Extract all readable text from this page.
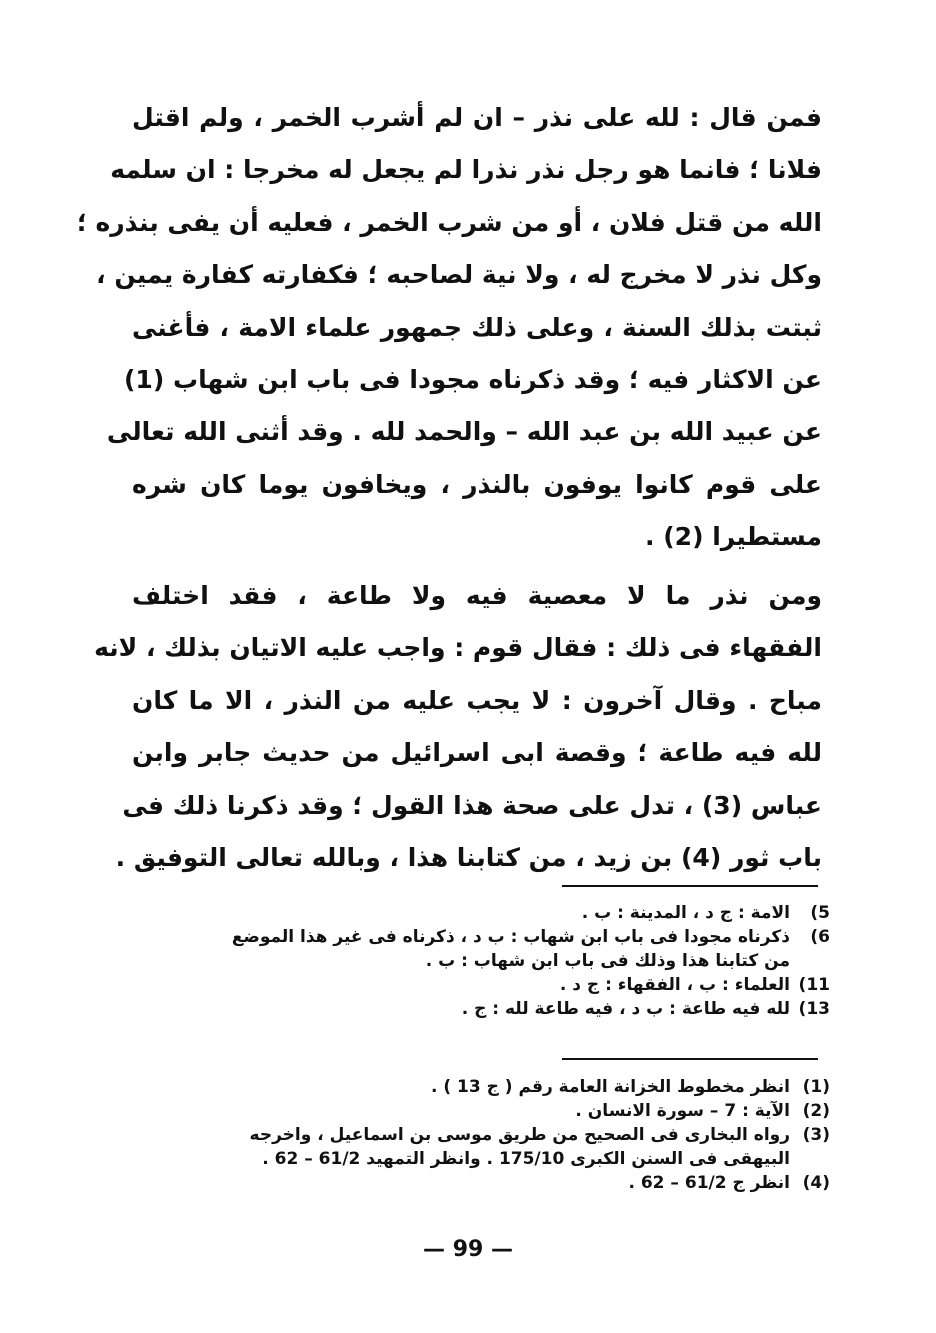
فمن قال : لله على نذر – ان لم أشرب الخمر ، ولم اقتل
فلانا ؛ فانما هو رجل نذر نذرا لم يجعل له مخرجا : ان سلمه
الله من قتل فلان ، أو من شرب الخمر ، فعليه أن يفى بنذره ؛
وكل نذر لا مخرج له ، ولا نية لصاحبه ؛ فكفارته كفارة يمين ،
ثبتت بذلك السنة ، وعلى ذلك جمهور علماء الامة ، فأغنى
عن الاكثار فيه ؛ وقد ذكرناه مجودا فى باب ابن شهاب (1)
عن عبيد الله بن عبد الله – والحمد لله . وقد أثنى الله تعالى
على قوم كانوا يوفون بالنذر ، ويخافون يوما كان شره
مستطيرا (2) .
ومن نذر ما لا معصية فيه ولا طاعة ، فقد اختلف
الفقهاء فى ذلك : فقال قوم : واجب عليه الاتيان بذلك ، لانه
مباح . وقال آخرون : لا يجب عليه من النذر ، الا ما كان
لله فيه طاعة ؛ وقصة ابى اسرائيل من حديث جابر وابن
عباس (3) ، تدل على صحة هذا القول ؛ وقد ذكرنا ذلك فى
باب ثور (4) بن زيد ، من كتابنا هذا ، وبالله تعالى التوفيق .
5)
الامة : ج د ، المدينة : ب .
6)
ذكرناه مجودا فى باب ابن شهاب : ب د ، ذكرناه فى غير هذا الموضع
من كتابنا هذا وذلك فى باب ابن شهاب : ب .
11)
العلماء : ب ، الفقهاء : ج د .
13)
لله فيه طاعة : ب د ، فيه طاعة لله : ج .
(1)
انظر مخطوط الخزانة العامة رقم ( ج 13 ) .
(2)
الآية : 7 – سورة الانسان .
(3)
رواه البخارى فى الصحيح من طريق موسى بن اسماعيل ، واخرجه
البيهقى فى السنن الكبرى 175/10 . وانظر التمهيد 61/2 – 62 .
(4)
انظر ج 61/2 – 62 .
— 99 —
